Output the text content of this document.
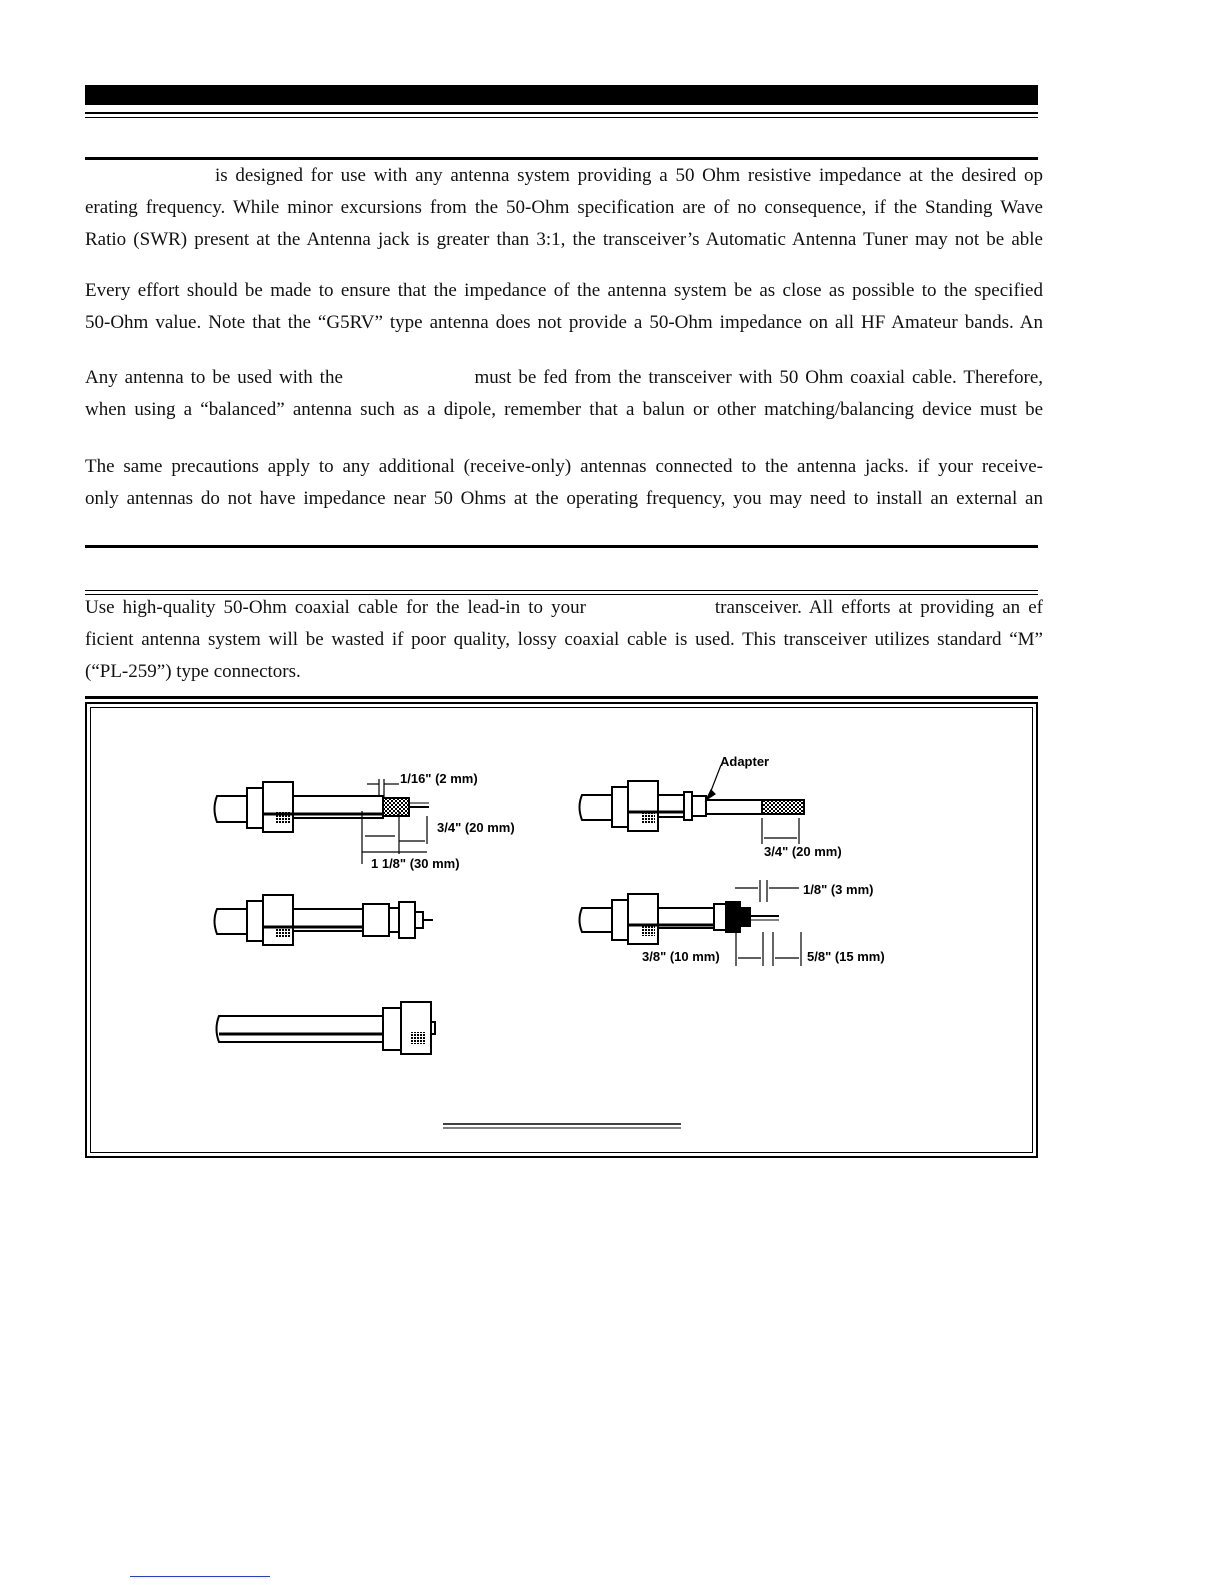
is designed for use with any antenna system providing a 50 Ohm resistive impedance at the desired op
erating frequency. While minor excursions from the 50-Ohm specification are of no consequence, if the Standing Wave
Ratio (SWR) present at the Antenna jack is greater than 3:1, the transceiver’s Automatic Antenna Tuner may not be able
Every effort should be made to ensure that the impedance of the antenna system be as close as possible to the specified
50-Ohm value. Note that the “G5RV” type antenna does not provide a 50-Ohm impedance on all HF Amateur bands. An
Any antenna to be used with the                   must be fed from the transceiver with 50 Ohm coaxial cable. Therefore,
when using a “balanced” antenna such as a dipole, remember that a balun or other matching/balancing device must be
The same precautions apply to any additional (receive-only) antennas connected to the antenna jacks. if your receive-
only antennas do not have impedance near 50 Ohms at the operating frequency, you may need to install an external an
Use high-quality 50-Ohm coaxial cable for the lead-in to your                transceiver. All efforts at providing an ef
ficient antenna system will be wasted if poor quality, lossy coaxial cable is used. This transceiver utilizes standard “M”
(“PL-259”) type connectors.
1/16" (2 mm)
3/4" (20 mm)
1 1/8" (30 mm)
Adapter
3/4" (20 mm)
1/8" (3 mm)
3/8" (10 mm)	5/8" (15 mm)
